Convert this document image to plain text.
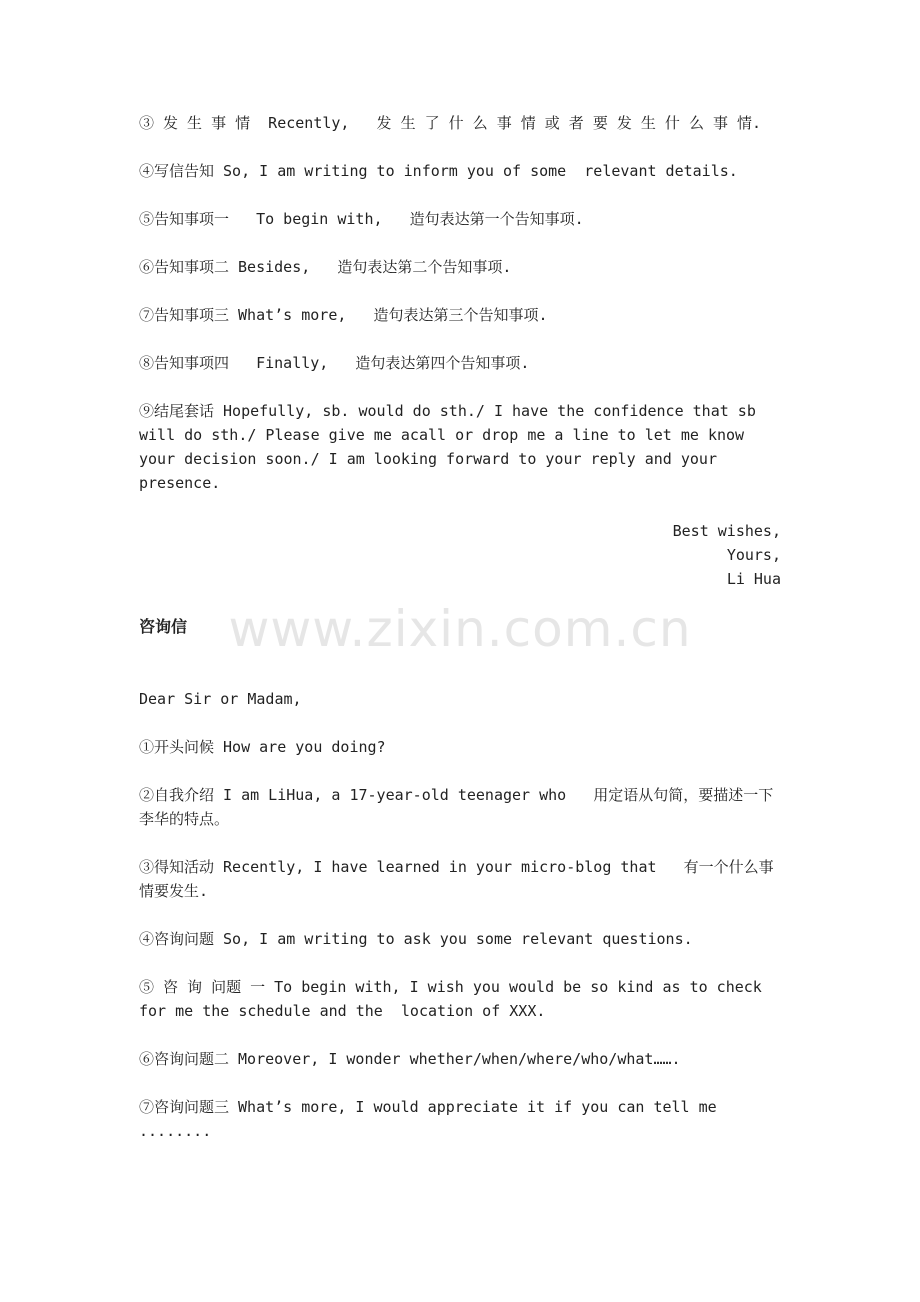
③ 发 生 事 情  Recently,   发 生 了 什 么 事 情 或 者 要 发 生 什 么 事 情.

④写信告知 So, I am writing to inform you of some  relevant details.

⑤告知事项一   To begin with,   造句表达第一个告知事项.

⑥告知事项二 Besides,   造句表达第二个告知事项.

⑦告知事项三 What’s more,   造句表达第三个告知事项.

⑧告知事项四   Finally,   造句表达第四个告知事项.

⑨结尾套话 Hopefully, sb. would do sth./ I have the confidence that sb will do sth./ Please give me acall or drop me a line to let me know your decision soon./ I am looking forward to your reply and your  presence.

Best wishes,
Yours,
Li Hua
咨询信

Dear Sir or Madam,

①开头问候 How are you doing?

②自我介绍 I am LiHua, a 17-year-old teenager who   用定语从句简，要描述一下李华的特点。

③得知活动 Recently, I have learned in your micro-blog that   有一个什么事情要发生.

④咨询问题 So, I am writing to ask you some relevant questions.

⑤ 咨 询 问题 一 To begin with, I wish you would be so kind as to check for me the schedule and the  location of XXX.

⑥咨询问题二 Moreover, I wonder whether/when/where/who/what…….

⑦咨询问题三 What’s more, I would appreciate it if you can tell me ........

www.zixin.com.cn
